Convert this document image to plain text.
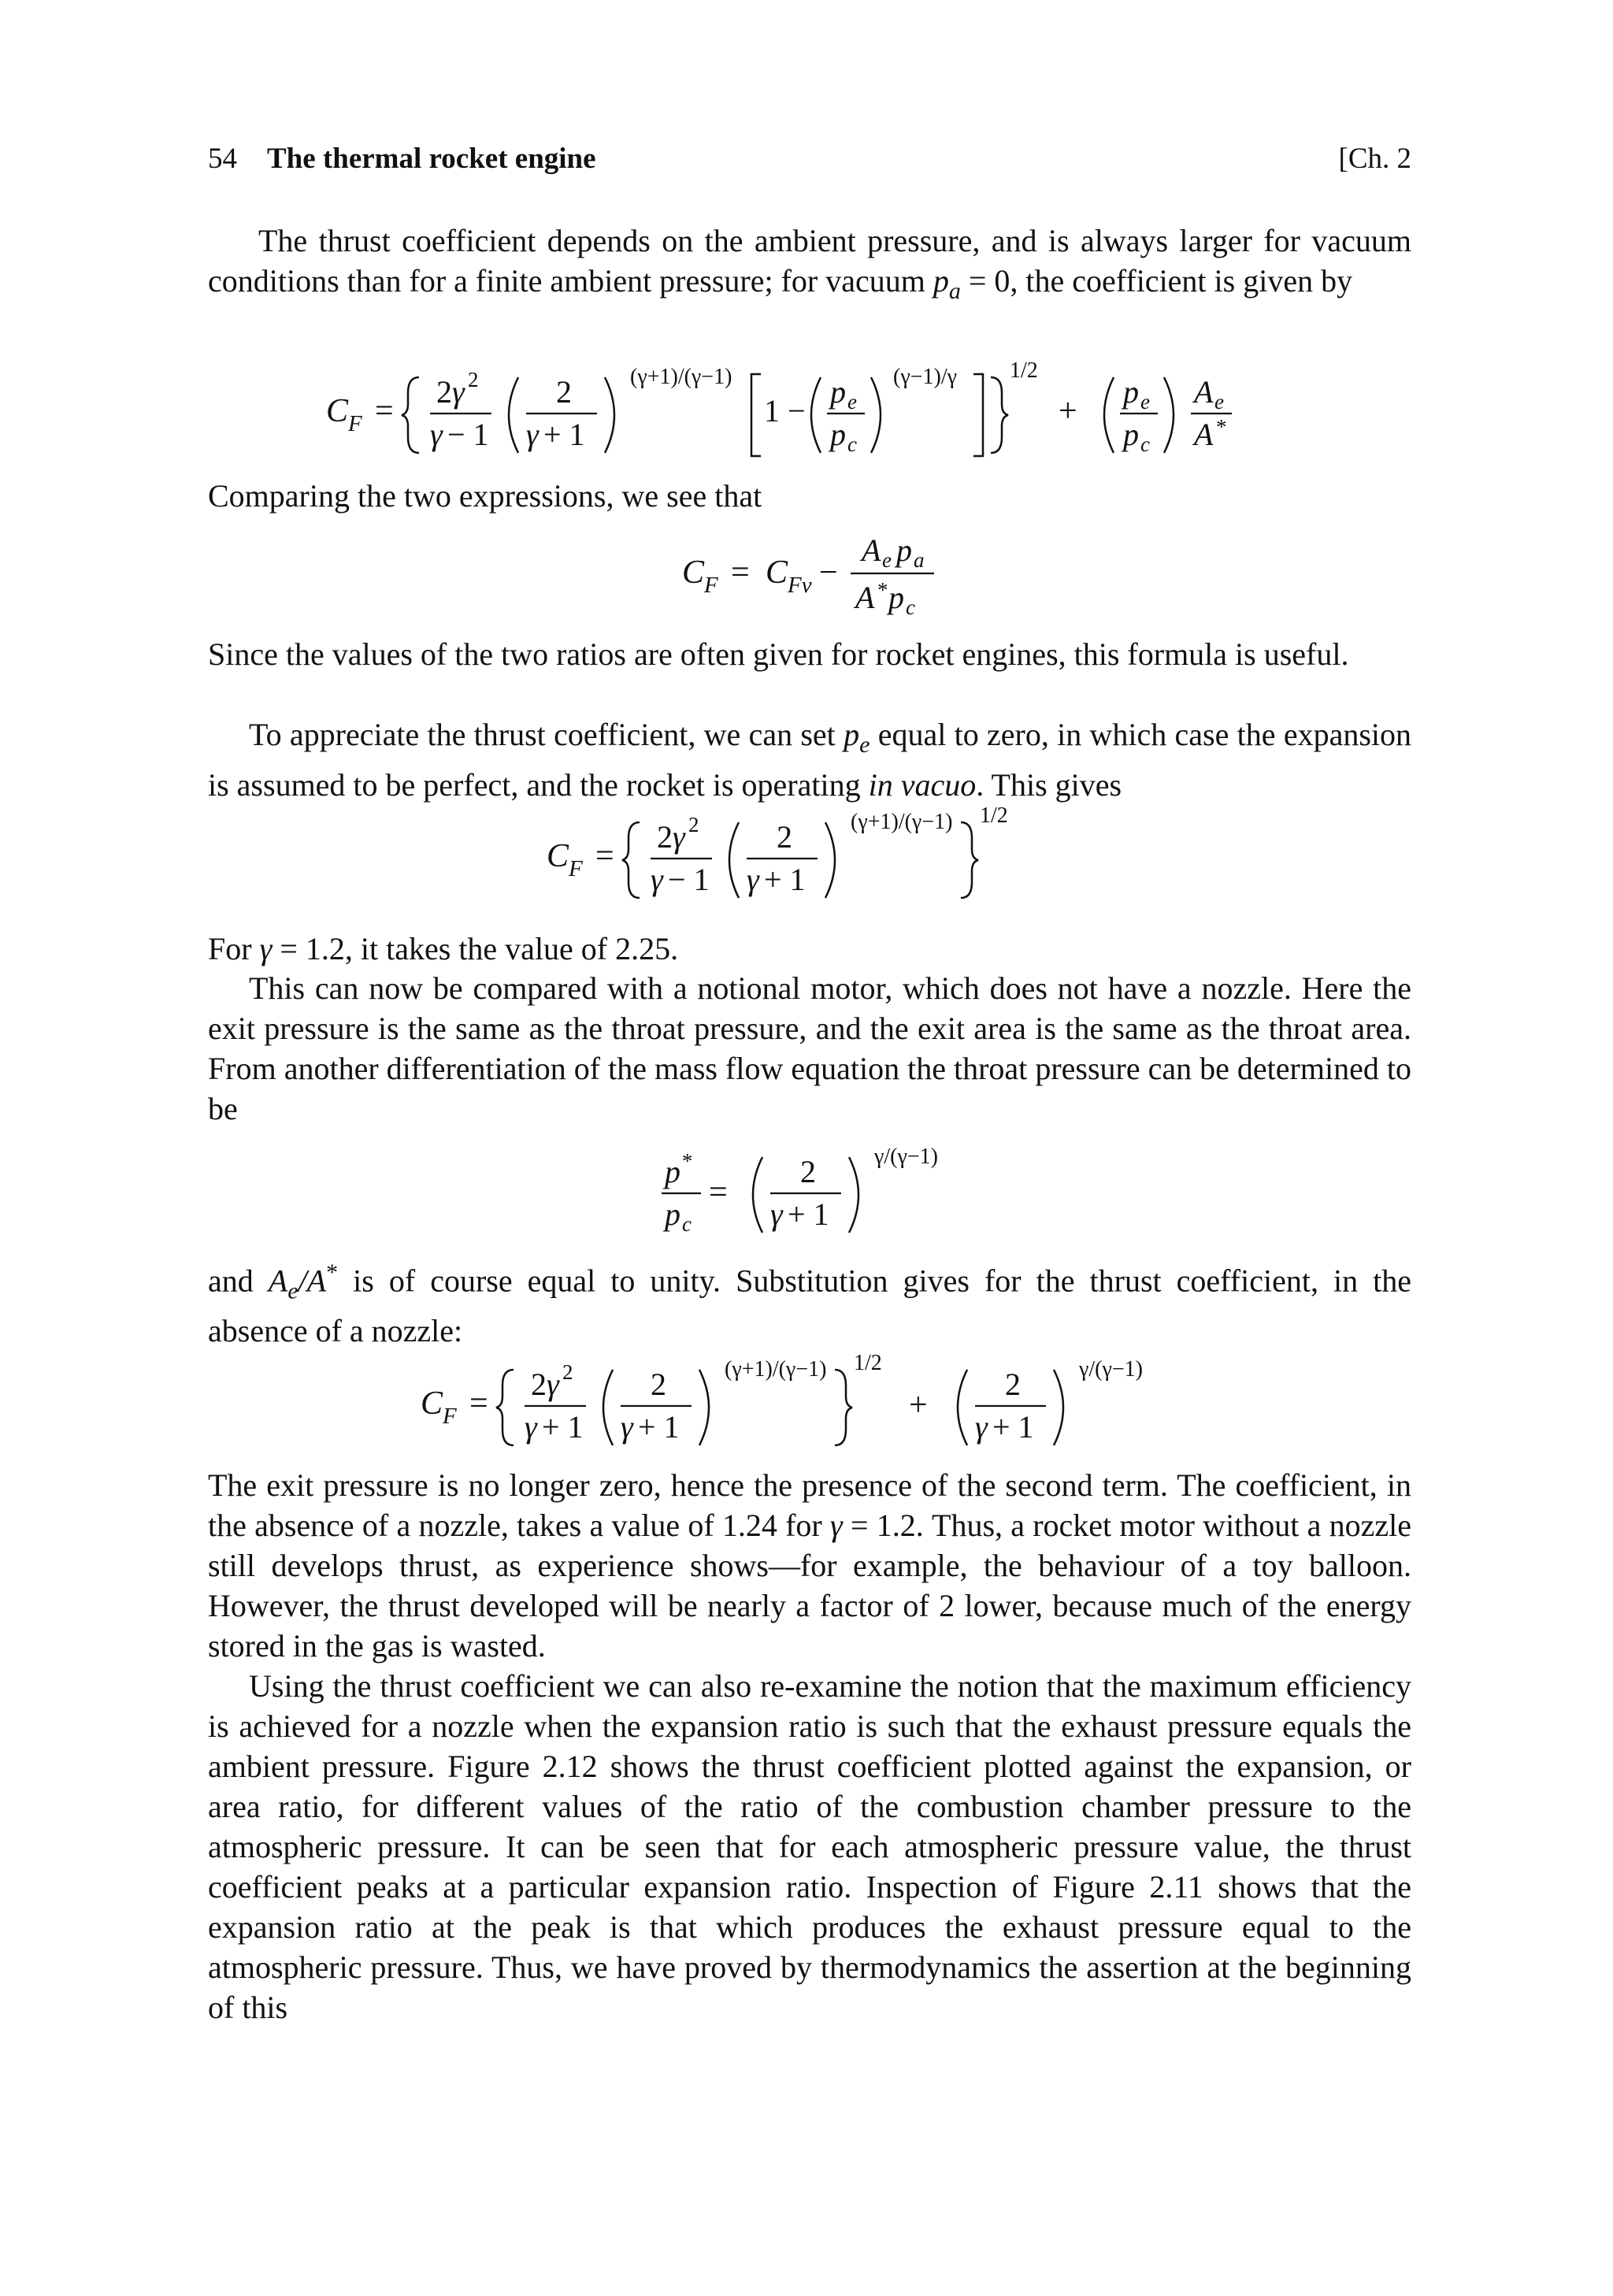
54 The thermal rocket engine	[Ch. 2
The thrust coefficient depends on the ambient pressure, and is always larger for vacuum conditions than for a finite ambient pressure; for vacuum $p_a = 0$, the coefficient is given by
C F =
2 γ 2
γ − 1
2
γ + 1
(γ+1)/(γ−1)
1 −
p e
p c
(γ−1)/γ 1/2
+
p e
p c
A e
A *
Comparing the two expressions, we see that
C F = C Fv −
A e p a
A * p c
Since the values of the two ratios are often given for rocket engines, this formula is useful.
To appreciate the thrust coefficient, we can set $p_e$ equal to zero, in which case the expansion is assumed to be perfect, and the rocket is operating in vacuo. This gives
C F =
2 γ 2
γ − 1
2
γ + 1
(γ+1)/(γ−1) 1/2
For γ = 1.2, it takes the value of 2.25.
This can now be compared with a notional motor, which does not have a nozzle. Here the exit pressure is the same as the throat pressure, and the exit area is the same as the throat area. From another differentiation of the mass flow equation the throat pressure can be determined to be
p *
p c
=
2
γ + 1
γ/(γ−1)
and $A_e/A^*$ is of course equal to unity. Substitution gives for the thrust coefficient, in the absence of a nozzle:
C F =
2 γ 2
γ + 1
2
γ + 1
(γ+1)/(γ−1) 1/2
+
2
γ + 1
γ/(γ−1)
The exit pressure is no longer zero, hence the presence of the second term. The coefficient, in the absence of a nozzle, takes a value of 1.24 for γ = 1.2. Thus, a rocket motor without a nozzle still develops thrust, as experience shows—for example, the behaviour of a toy balloon. However, the thrust developed will be nearly a factor of 2 lower, because much of the energy stored in the gas is wasted.
Using the thrust coefficient we can also re-examine the notion that the maximum efficiency is achieved for a nozzle when the expansion ratio is such that the exhaust pressure equals the ambient pressure. Figure 2.12 shows the thrust coefficient plotted against the expansion, or area ratio, for different values of the ratio of the combustion chamber pressure to the atmospheric pressure. It can be seen that for each atmospheric pressure value, the thrust coefficient peaks at a particular expansion ratio. Inspection of Figure 2.11 shows that the expansion ratio at the peak is that which produces the exhaust pressure equal to the atmospheric pressure. Thus, we have proved by thermodynamics the assertion at the beginning of this
